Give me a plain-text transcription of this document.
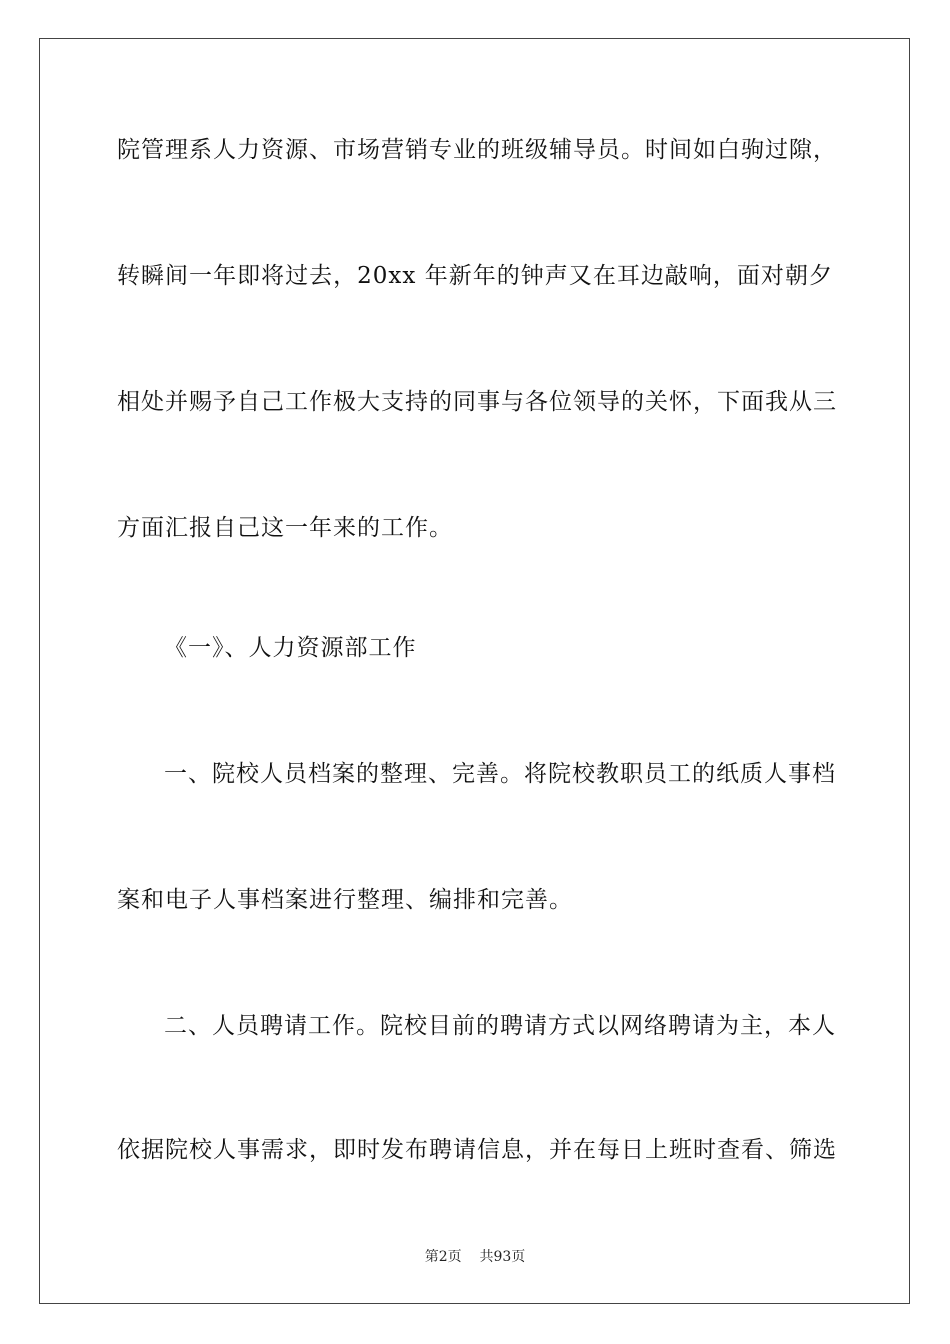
院 管 理 系 人 力 资 源 、 市 场 营 销 专 业 的 班 级 辅 导 员 。 时 间 如 白 驹 过 隙 ，
转 瞬 间 一 年 即 将 过 去 ， 20xx 年 新 年 的 钟 声 又 在 耳 边 敲 响 ， 面 对 朝 夕
相 处 并 赐 予 自 己 工 作 极 大 支 持 的 同 事 与 各 位 领 导 的 关 怀 ， 下 面 我 从 三
方面汇报自己这一年来的工作。
《一》、人力资源部工作
一 、 院 校 人 员 档 案 的 整 理 、 完 善 。 将 院 校 教 职 员 工 的 纸 质 人 事 档
案和电子人事档案进行整理、编排和完善。
二 、 人 员 聘 请 工 作 。 院 校 目 前 的 聘 请 方 式 以 网 络 聘 请 为 主 ， 本 人
依 据 院 校 人 事 需 求 ， 即 时 发 布 聘 请 信 息 ， 并 在 每 日 上 班 时 查 看 、 筛 选
第2页 共93页
